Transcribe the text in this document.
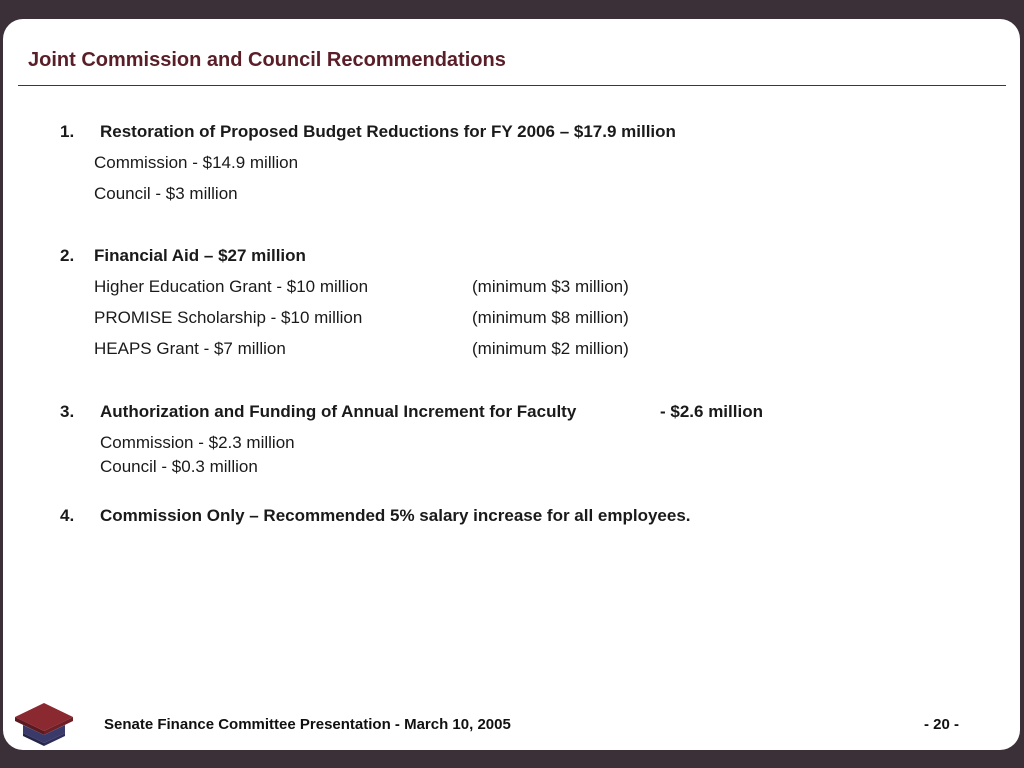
Joint Commission and Council Recommendations
1. Restoration of Proposed Budget Reductions for FY 2006 – $17.9 million
Commission - $14.9 million
Council - $3 million
2. Financial Aid – $27 million
Higher Education Grant - $10 million	(minimum $3 million)
PROMISE Scholarship - $10 million	(minimum $8 million)
HEAPS Grant - $7 million	(minimum $2 million)
3. Authorization and Funding of Annual Increment for Faculty	- $2.6 million
Commission - $2.3 million
Council - $0.3 million
4. Commission Only – Recommended 5% salary increase for all employees.
Senate Finance Committee Presentation - March 10, 2005	- 20 -
